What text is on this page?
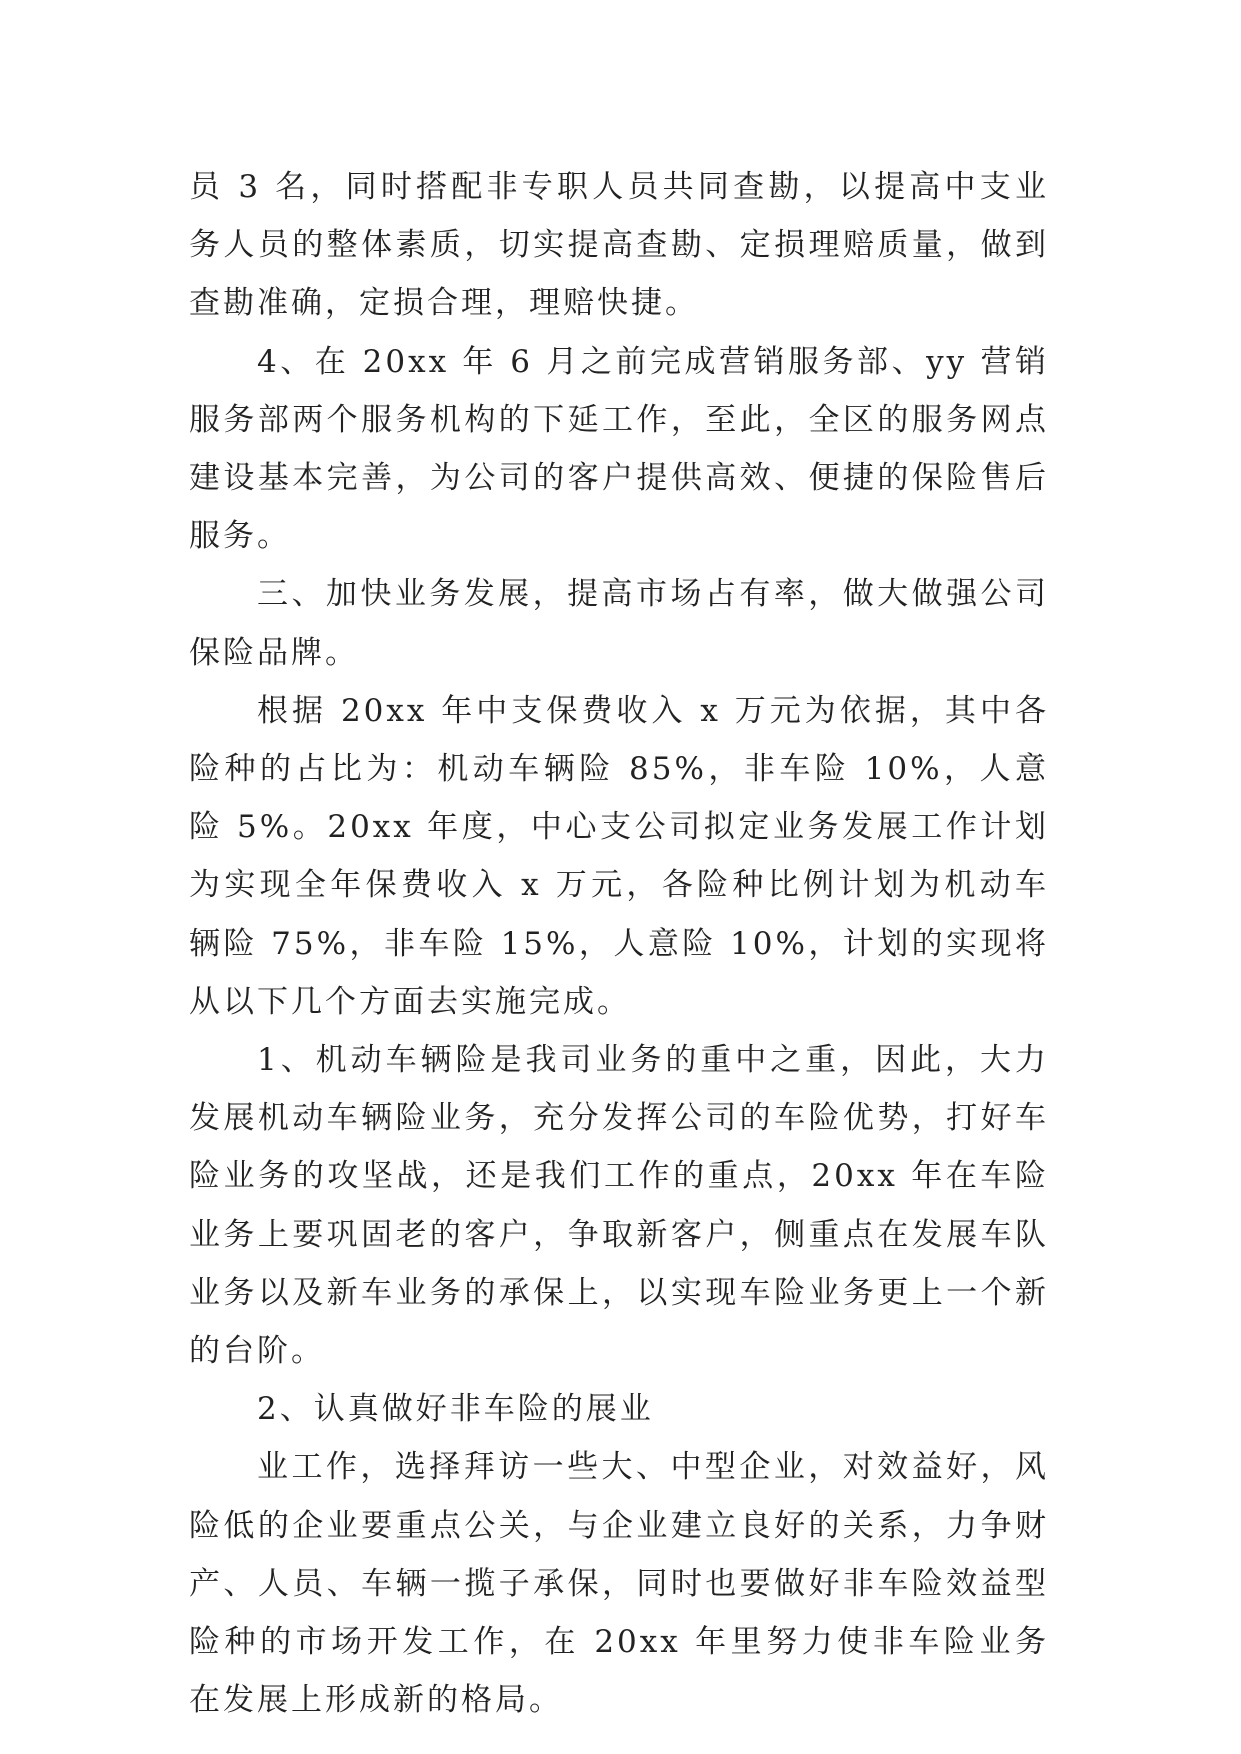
员 3 名，同时搭配非专职人员共同查勘，以提高中支业务人员的整体素质，切实提高查勘、定损理赔质量，做到查勘准确，定损合理，理赔快捷。

4、在 20xx 年 6 月之前完成营销服务部、yy 营销服务部两个服务机构的下延工作，至此，全区的服务网点建设基本完善，为公司的客户提供高效、便捷的保险售后服务。

三、加快业务发展，提高市场占有率，做大做强公司保险品牌。

根据 20xx 年中支保费收入 x 万元为依据，其中各险种的占比为：机动车辆险 85%，非车险 10%，人意险 5%。20xx 年度，中心支公司拟定业务发展工作计划为实现全年保费收入 x 万元，各险种比例计划为机动车辆险 75%，非车险 15%，人意险 10%，计划的实现将从以下几个方面去实施完成。

1、机动车辆险是我司业务的重中之重，因此，大力发展机动车辆险业务，充分发挥公司的车险优势，打好车险业务的攻坚战，还是我们工作的重点，20xx 年在车险业务上要巩固老的客户，争取新客户，侧重点在发展车队业务以及新车业务的承保上，以实现车险业务更上一个新的台阶。

2、认真做好非车险的展业

业工作，选择拜访一些大、中型企业，对效益好，风险低的企业要重点公关，与企业建立良好的关系，力争财产、人员、车辆一揽子承保，同时也要做好非车险效益型险种的市场开发工作，在 20xx 年里努力使非车险业务在发展上形成新的格局。
